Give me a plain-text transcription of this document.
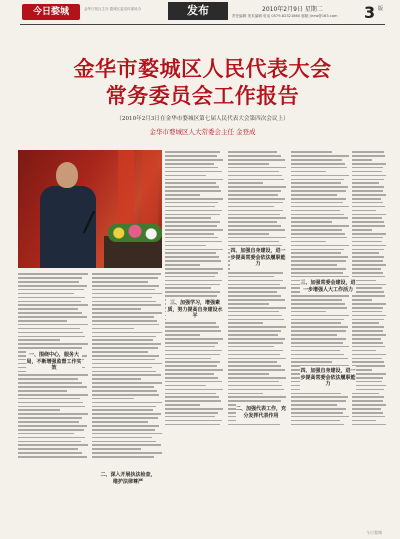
今日婺城	金华日报社主办 婺城区委宣传部协办	发布	2010年2月9日 星期二	3 版
责任编辑 美术编辑 电话 0579-82321860 邮箱 jinrw@163.com
金华市婺城区人民代表大会
常务委员会工作报告
（2010年2月3日在金华市婺城区第七届人民代表大会第四次会议上）
金华市婺城区人大常委会主任 金登成
一、围绕中心，服务大局，不断增强监督工作实效
二、深入开展执法检查，维护法律尊严
三、加强学习，增强素质，努力提高自身建设水平
四、加强自身建设，进一步提高常委会依法履职能力
二、加强代表工作，充分发挥代表作用
三、加强常委会建设，进一步增强人大工作活力
四、加强自身建设，进一步提高常委会依法履职能力
今日婺城
